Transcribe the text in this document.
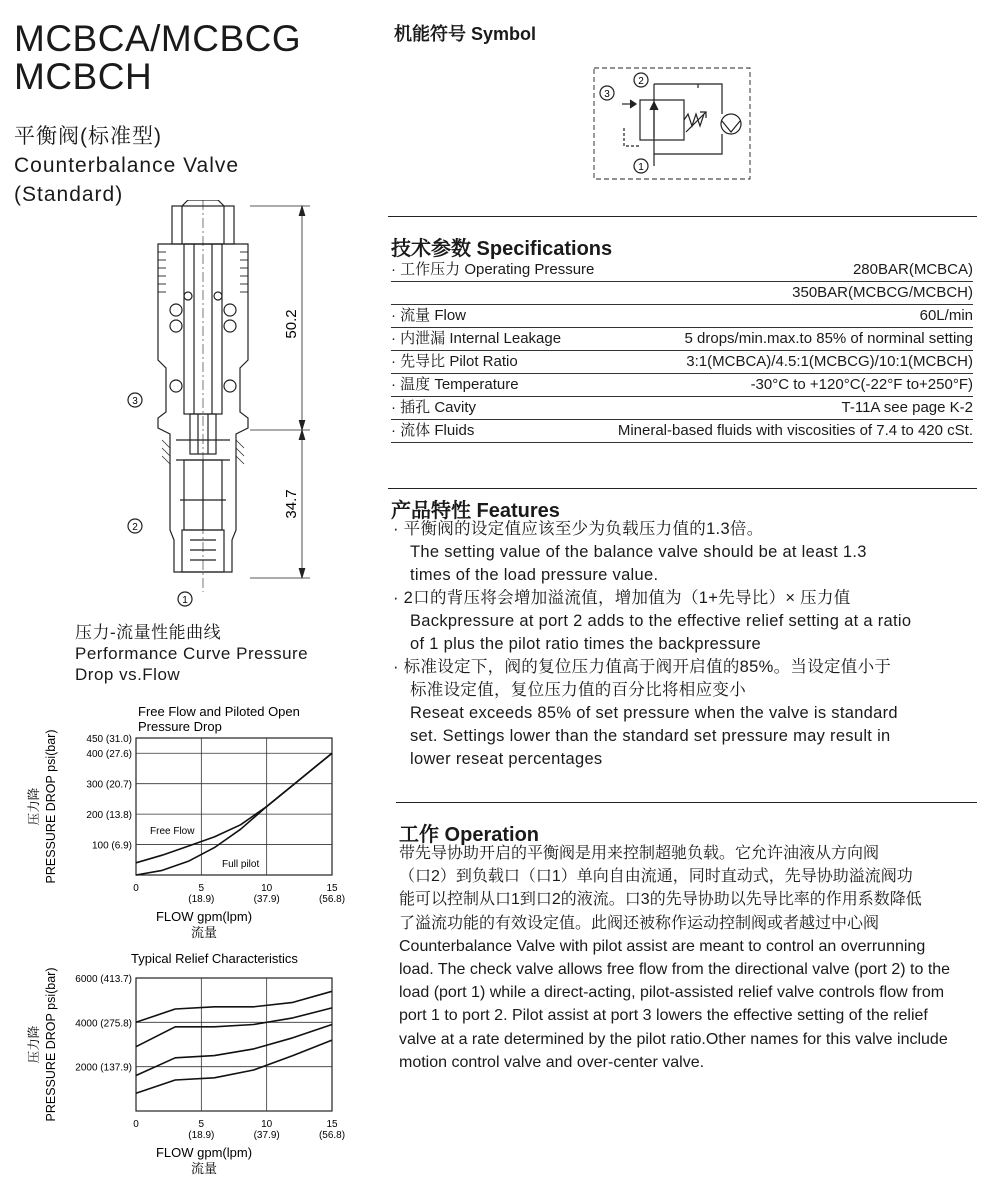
MCBCA/MCBCG
MCBCH
平衡阀(标准型)
Counterbalance Valve
(Standard)
3
2
1
50.2
34.7
机能符号 Symbol
2
3
1
技术参数 Specifications
· 工作压力 Operating Pressure	280BAR(MCBCA)
350BAR(MCBCG/MCBCH)
· 流量 Flow	60L/min
· 内泄漏 Internal Leakage	5 drops/min.max.to 85% of norminal setting
· 先导比 Pilot Ratio	3:1(MCBCA)/4.5:1(MCBCG)/10:1(MCBCH)
· 温度 Temperature	-30°C to +120°C(-22°F to+250°F)
· 插孔 Cavity	T-11A see page K-2
· 流体 Fluids	Mineral-based fluids with viscosities of 7.4 to 420 cSt.
产品特性 Features
· 平衡阀的设定值应该至少为负载压力值的1.3倍。
The setting value of the balance valve should be at least 1.3
times of the load pressure value.
· 2口的背压将会增加溢流值，增加值为（1+先导比）× 压力值
Backpressure at port 2 adds to the effective relief setting at a ratio
of 1 plus the pilot ratio times the backpressure
· 标准设定下，阀的复位压力值高于阀开启值的85%。当设定值小于
标准设定值，复位压力值的百分比将相应变小
Reseat exceeds 85% of set pressure when the valve is standard
set. Settings lower than the standard set pressure may result in
lower reseat percentages
工作 Operation
带先导协助开启的平衡阀是用来控制超驰负载。它允许油液从方向阀
（口2）到负载口（口1）单向自由流通，同时直动式，先导协助溢流阀功
能可以控制从口1到口2的液流。口3的先导协助以先导比率的作用系数降低
了溢流功能的有效设定值。此阀还被称作运动控制阀或者越过中心阀
Counterbalance Valve with pilot assist are meant to control an overrunning
load. The check valve allows free flow from the directional valve (port 2) to the
load (port 1) while a direct-acting, pilot-assisted relief valve controls flow from
port 1 to port 2. Pilot assist at port 3 lowers the effective setting of the relief
valve at a rate determined by the pilot ratio.Other names for this valve include
motion control valve and over-center valve.
压力-流量性能曲线
Performance Curve Pressure
Drop vs.Flow
Free Flow and Piloted Open
Pressure Drop
0	5
(18.9)
10
(37.9)
15
(56.8)
100 (6.9)
200 (13.8)
300 (20.7)
400 (27.6)
450 (31.0)
PRESSURE DROP psi(bar)
压力降
FLOW gpm(lpm)
流量
Free Flow
Full pilot
Typical Relief Characteristics
0	5
(18.9)
10
(37.9)
15
(56.8)
2000 (137.9)
4000 (275.8)
6000 (413.7)
PRESSURE DROP psi(bar)
压力降
FLOW gpm(lpm)
流量
